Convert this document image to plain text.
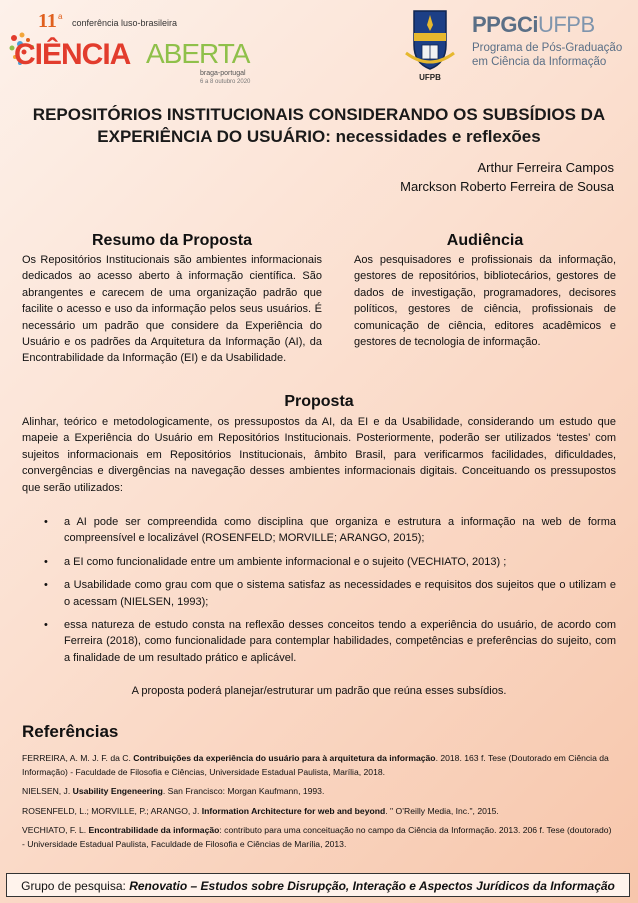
11 a
conferência luso-brasileira
CIÊNCIA ABERTA
braga-portugal
6 a 8 outubro 2020	UFPB
PPGCiUFPB
Programa de Pós-Graduação
em Ciência da Informação
REPOSITÓRIOS INSTITUCIONAIS CONSIDERANDO OS SUBSÍDIOS DA
EXPERIÊNCIA DO USUÁRIO: necessidades e reflexões
Arthur Ferreira Campos
Marckson Roberto Ferreira de Sousa
Resumo da Proposta
Os Repositórios Institucionais são ambientes informacionais dedicados ao acesso aberto à informação científica. São abrangentes e carecem de uma organização padrão que facilite o acesso e uso da informação pelos seus usuários. É necessário um padrão que considere da Experiência do Usuário e os padrões da Arquitetura da Informação (AI), da Encontrabilidade da Informação (EI) e da Usabilidade.
Audiência
Aos pesquisadores e profissionais da informação, gestores de repositórios, bibliotecários, gestores de dados de investigação, programadores, decisores políticos, gestores de ciência, profissionais de comunicação de ciência, editores acadêmicos e gestores de tecnologia de informação.
Proposta
Alinhar, teórico e metodologicamente, os pressupostos da AI, da EI e da Usabilidade, considerando um estudo que mapeie a Experiência do Usuário em Repositórios Institucionais. Posteriormente, poderão ser utilizados ‘testes’ com sujeitos informacionais em Repositórios Institucionais, âmbito Brasil, para verificarmos facilidades, dificuldades, convergências e divergências na navegação desses ambientes informacionais digitais. Conceituando os pressupostos que serão utilizados:
• a AI pode ser compreendida como disciplina que organiza e estrutura a informação na web de forma compreensível e localizável (ROSENFELD; MORVILLE; ARANGO, 2015);
• a EI como funcionalidade entre um ambiente informacional e o sujeito (VECHIATO, 2013) ;
• a Usabilidade como grau com que o sistema satisfaz as necessidades e requisitos dos sujeitos que o utilizam e o acessam (NIELSEN, 1993);
• essa natureza de estudo consta na reflexão desses conceitos tendo a experiência do usuário, de acordo com Ferreira (2018), como funcionalidade para contemplar habilidades, competências e preferências do sujeito, com a finalidade de um resultado prático e aplicável.
A proposta poderá planejar/estruturar um padrão que reúna esses subsídios.
Referências

FERREIRA, A. M. J. F. da C. Contribuições da experiência do usuário para à arquitetura da informação. 2018. 163 f. Tese (Doutorado em Ciência da Informação) - Faculdade de Filosofia e Ciências, Universidade Estadual Paulista, Marília, 2018.

NIELSEN, J. Usability Engeneering. San Francisco: Morgan Kaufmann, 1993.

ROSENFELD, L.; MORVILLE, P.; ARANGO, J. Information Architecture for web and beyond. " O’Reilly Media, Inc.", 2015.

VECHIATO, F. L. Encontrabilidade da informação: contributo para uma conceituação no campo da Ciência da Informação. 2013. 206 f. Tese (doutorado) - Universidade Estadual Paulista, Faculdade de Filosofia e Ciências de Marília, 2013.

Grupo de pesquisa: Renovatio – Estudos sobre Disrupção, Interação e Aspectos Jurídicos da Informação
